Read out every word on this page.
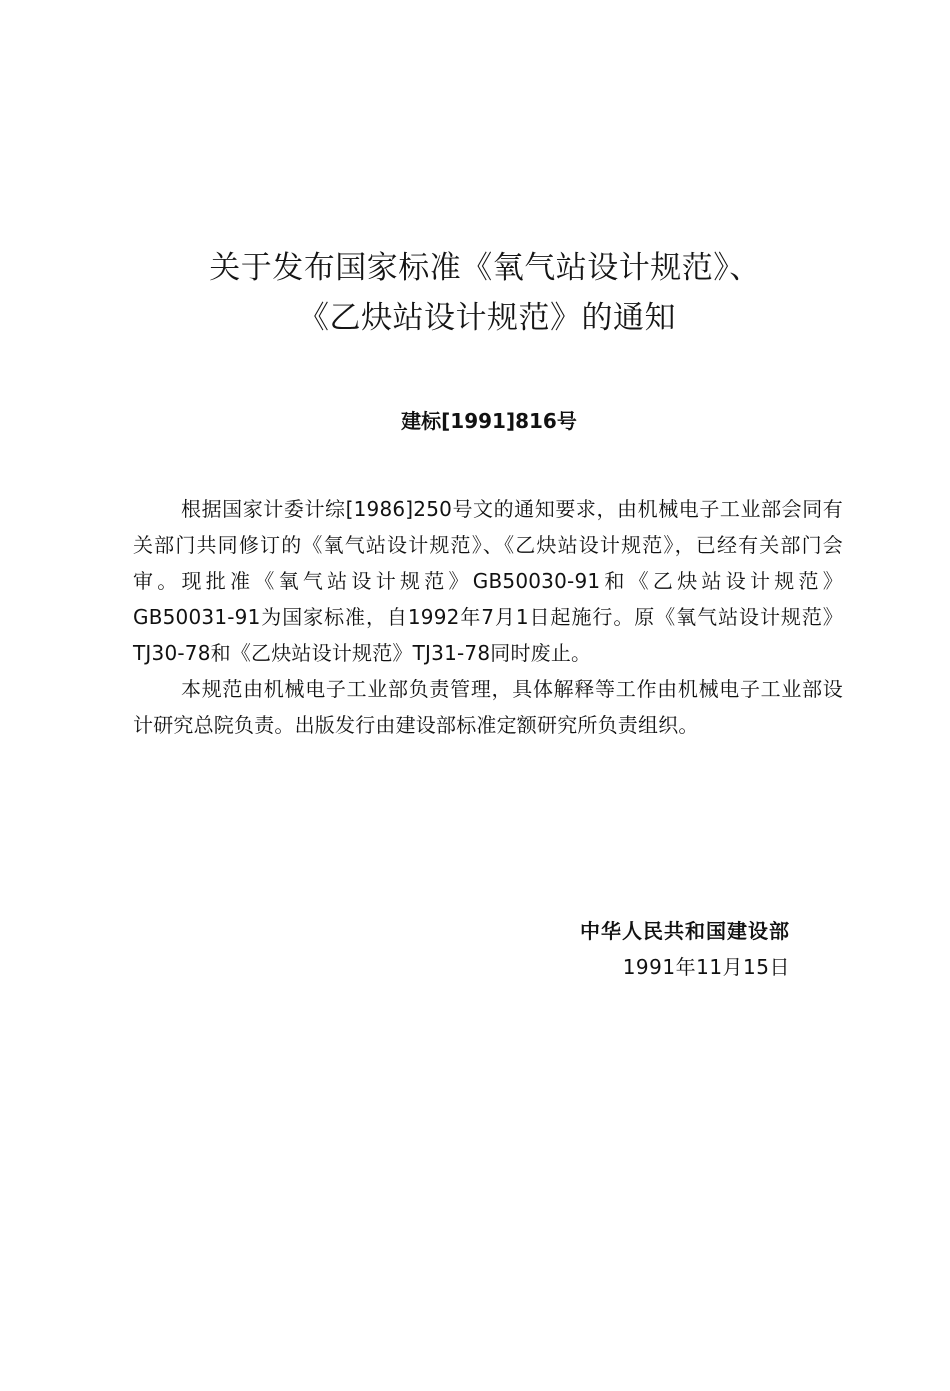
关于发布国家标准《氧气站设计规范》、
《乙炔站设计规范》的通知
建标[1991]816号

根据国家计委计综[1986]250号文的通知要求，由机械电子工业部会同有关部门共同修订的《氧气站设计规范》、《乙炔站设计规范》，已经有关部门会审。现批准《氧气站设计规范》GB50030-91和《乙炔站设计规范》GB50031-91为国家标准，自1992年7月1日起施行。原《氧气站设计规范》TJ30-78和《乙炔站设计规范》TJ31-78同时废止。

本规范由机械电子工业部负责管理，具体解释等工作由机械电子工业部设计研究总院负责。出版发行由建设部标准定额研究所负责组织。

中华人民共和国建设部
1991年11月15日
